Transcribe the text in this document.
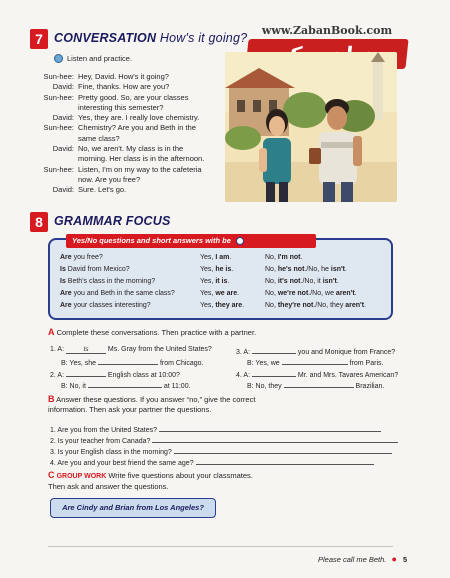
7 CONVERSATION How's it going?
www.ZabanBook.com
Listen and practice.
Sun-hee: Hey, David. How's it going?
David: Fine, thanks. How are you?
Sun-hee: Pretty good. So, are your classes
interesting this semester?
David: Yes, they are. I really love chemistry.
Sun-hee: Chemistry? Are you and Beth in the
same class?
David: No, we aren't. My class is in the
morning. Her class is in the afternoon.
Sun-hee: Listen, I'm on my way to the cafeteria
now. Are you free?
David: Sure. Let's go.
8 GRAMMAR FOCUS
Yes/No questions and short answers with be
Are you free?	Yes, I am.	No, I'm not.
Is David from Mexico?	Yes, he is.	No, he's not./No, he isn't.
Is Beth's class in the morning?	Yes, it is.	No, it's not./No, it isn't.
Are you and Beth in the same class?	Yes, we are.	No, we're not./No, we aren't.
Are your classes interesting?	Yes, they are.	No, they're not./No, they aren't.
A Complete these conversations. Then practice with a partner.
1. A:	Is	Ms. Gray from the United States?
B: Yes, she	from Chicago.
2. A:	English class at 10:00?
B: No, it	at 11:00.
3. A:	you and Monique from France?
B: Yes, we	from Paris.
4. A:	Mr. and Mrs. Tavares American?
B: No, they	Brazilian.
B Answer these questions. If you answer “no,” give the correct
information. Then ask your partner the questions.
1. Are you from the United States?
2. Is your teacher from Canada?
3. Is your English class in the morning?
4. Are you and your best friend the same age?
C GROUP WORK Write five questions about your classmates.
Then ask and answer the questions.
Are Cindy and Brian from Los Angeles?
Please call me Beth. ● 5
